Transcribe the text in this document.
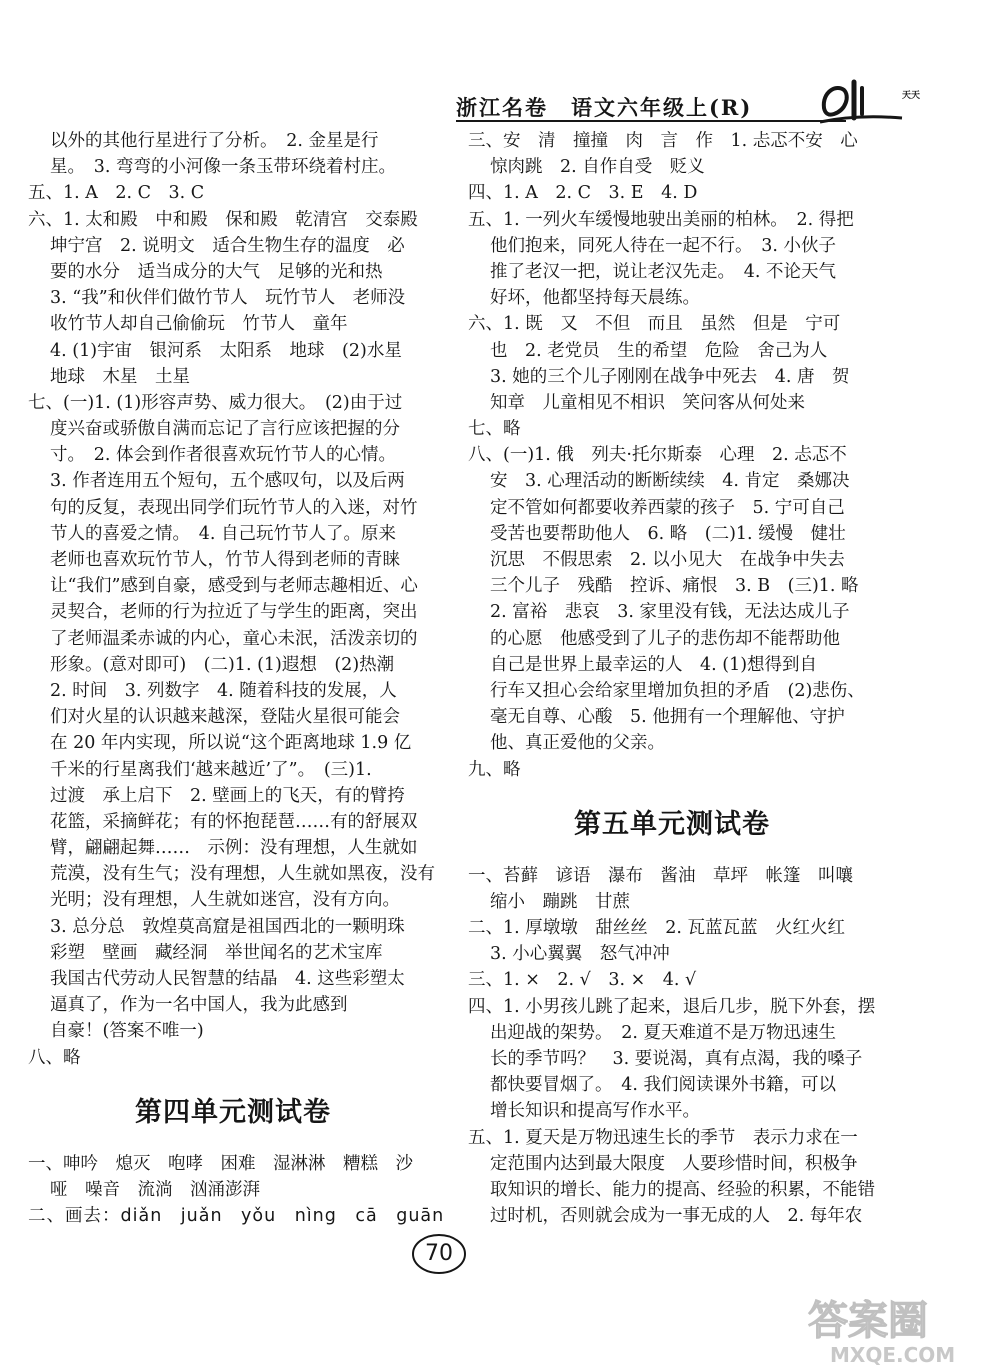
浙江名卷　语文六年级上(R)	天天
以外的其他行星进行了分析。　2. 金星是行
星。　3. 弯弯的小河像一条玉带环绕着村庄。
五、1. A　2. C　3. C
六、1. 太和殿　中和殿　保和殿　乾清宫　交泰殿
坤宁宫　2. 说明文　适合生物生存的温度　必
要的水分　适当成分的大气　足够的光和热
3. “我”和伙伴们做竹节人　玩竹节人　老师没
收竹节人却自己偷偷玩　竹节人　童年
4. (1)宇宙　银河系　太阳系　地球　(2)水星
地球　木星　土星
七、(一)1. (1)形容声势、威力很大。　(2)由于过
度兴奋或骄傲自满而忘记了言行应该把握的分
寸。　2. 体会到作者很喜欢玩竹节人的心情。
3. 作者连用五个短句，五个感叹句，以及后两
句的反复，表现出同学们玩竹节人的入迷，对竹
节人的喜爱之情。　4. 自己玩竹节人了。原来
老师也喜欢玩竹节人，竹节人得到老师的青睐
让“我们”感到自豪，感受到与老师志趣相近、心
灵契合，老师的行为拉近了与学生的距离，突出
了老师温柔赤诚的内心，童心未泯，活泼亲切的
形象。(意对即可)　(二)1. (1)遐想　(2)热潮
2. 时间　3. 列数字　4. 随着科技的发展，人
们对火星的认识越来越深，登陆火星很可能会
在 20 年内实现，所以说“这个距离地球 1.9 亿
千米的行星离我们‘越来越近’了”。　(三)1.
过渡　承上启下　2. 壁画上的飞天，有的臂挎
花篮，采摘鲜花；有的怀抱琵琶……有的舒展双
臂，翩翩起舞……　示例：没有理想，人生就如
荒漠，没有生气；没有理想，人生就如黑夜，没有
光明；没有理想，人生就如迷宫，没有方向。
3. 总分总　敦煌莫高窟是祖国西北的一颗明珠
彩塑　壁画　藏经洞　举世闻名的艺术宝库
我国古代劳动人民智慧的结晶　4. 这些彩塑太
逼真了，作为一名中国人，我为此感到
自豪！(答案不唯一)
八、略
第四单元测试卷
一、呻吟　熄灭　咆哮　困难　湿淋淋　糟糕　沙
哑　噪音　流淌　汹涌澎湃
二、画去：diǎn　juǎn　yǒu　nìng　cā　guān
三、安　清　撞撞　肉　言　作　1. 忐忑不安　心
惊肉跳　2. 自作自受　贬义
四、1. A　2. C　3. E　4. D
五、1. 一列火车缓慢地驶出美丽的柏林。　2. 得把
他们抱来，同死人待在一起不行。　3. 小伙子
推了老汉一把，说让老汉先走。　4. 不论天气
好坏，他都坚持每天晨练。
六、1. 既　又　不但　而且　虽然　但是　宁可
也　2. 老党员　生的希望　危险　舍己为人
3. 她的三个儿子刚刚在战争中死去　4. 唐　贺
知章　儿童相见不相识　笑问客从何处来
七、略
八、(一)1. 俄　列夫·托尔斯泰　心理　2. 忐忑不
安　3. 心理活动的断断续续　4. 肯定　桑娜决
定不管如何都要收养西蒙的孩子　5. 宁可自己
受苦也要帮助他人　6. 略　(二)1. 缓慢　健壮
沉思　不假思索　2. 以小见大　在战争中失去
三个儿子　残酷　控诉、痛恨　3. B　(三)1. 略
2. 富裕　悲哀　3. 家里没有钱，无法达成儿子
的心愿　他感受到了儿子的悲伤却不能帮助他
自己是世界上最幸运的人　4. (1)想得到自
行车又担心会给家里增加负担的矛盾　(2)悲伤、
毫无自尊、心酸　5. 他拥有一个理解他、守护
他、真正爱他的父亲。
九、略
第五单元测试卷
一、苔藓　谚语　瀑布　酱油　草坪　帐篷　叫嚷
缩小　蹦跳　甘蔗
二、1. 厚墩墩　甜丝丝　2. 瓦蓝瓦蓝　火红火红
3. 小心翼翼　怒气冲冲
三、1. ×　2. √　3. ×　4. √
四、1. 小男孩儿跳了起来，退后几步，脱下外套，摆
出迎战的架势。　2. 夏天难道不是万物迅速生
长的季节吗？　3. 要说渴，真有点渴，我的嗓子
都快要冒烟了。　4. 我们阅读课外书籍，可以
增长知识和提高写作水平。
五、1. 夏天是万物迅速生长的季节　表示力求在一
定范围内达到最大限度　人要珍惜时间，积极争
取知识的增长、能力的提高、经验的积累，不能错
过时机，否则就会成为一事无成的人　2. 每年农
70
答案圈
MXQE.COM
